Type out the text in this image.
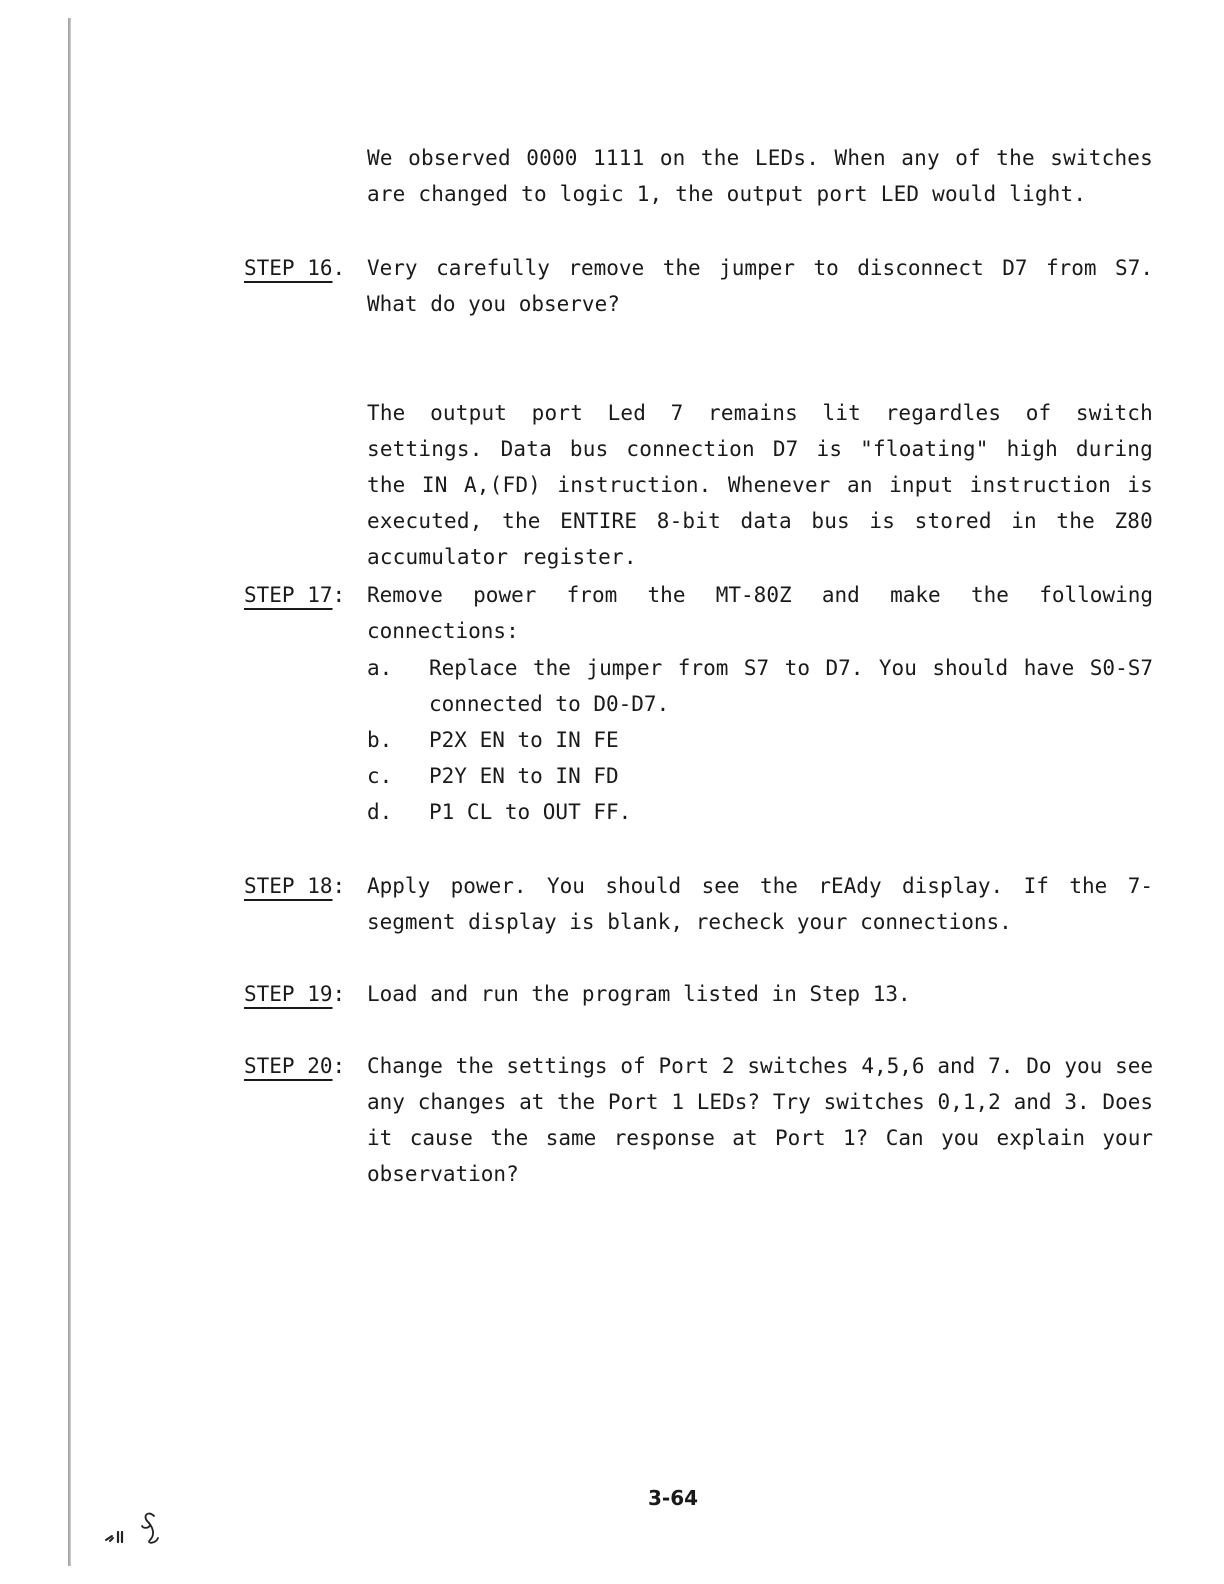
We observed 0000 1111 on the LEDs. When any of the switches are changed to logic 1, the output port LED would light.

STEP 16. Very carefully remove the jumper to disconnect D7 from S7. What do you observe?

The output port Led 7 remains lit regardles of switch settings. Data bus connection D7 is "floating" high during the IN A,(FD) instruction. Whenever an input instruction is executed, the ENTIRE 8-bit data bus is stored in the Z80 accumulator register.

STEP 17: Remove power from the MT-80Z and make the following connections:

a.	Replace the jumper from S7 to D7. You should have S0-S7 connected to D0-D7.
b.	P2X EN to IN FE
c.	P2Y EN to IN FD
d.	P1 CL to OUT FF.
STEP 18: Apply power. You should see the rEAdy display. If the 7-segment display is blank, recheck your connections.

STEP 19: Load and run the program listed in Step 13.

STEP 20: Change the settings of Port 2 switches 4,5,6 and 7. Do you see any changes at the Port 1 LEDs? Try switches 0,1,2 and 3. Does it cause the same response at Port 1? Can you explain your observation?

3-64
